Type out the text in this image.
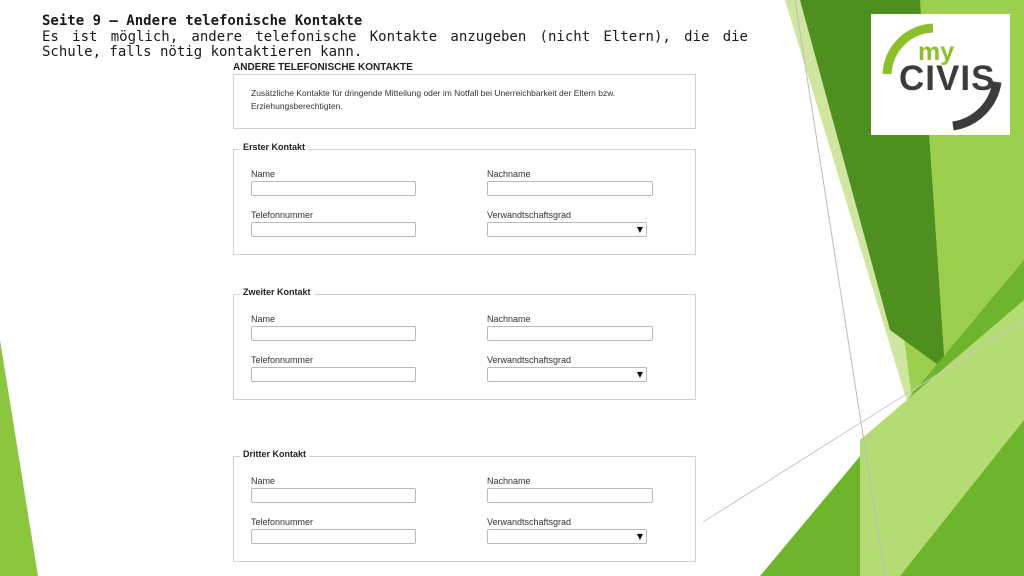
Seite 9 – Andere telefonische Kontakte
Es ist möglich, andere telefonische Kontakte anzugeben (nicht Eltern), die die Schule, falls nötig kontaktieren kann.	my
CIVIS
ANDERE TELEFONISCHE KONTAKTE
Zusätzliche Kontakte für dringende Mitteilung oder im Notfall bei Unerreichbarkeit der Eltern bzw. Erziehungsberechtigten.
Erster Kontakt
Name	Nachname
Telefonnummer	Verwandtschaftsgrad
▼
Zweiter Kontakt
Name	Nachname
Telefonnummer	Verwandtschaftsgrad
▼
Dritter Kontakt
Name	Nachname
Telefonnummer	Verwandtschaftsgrad
▼
